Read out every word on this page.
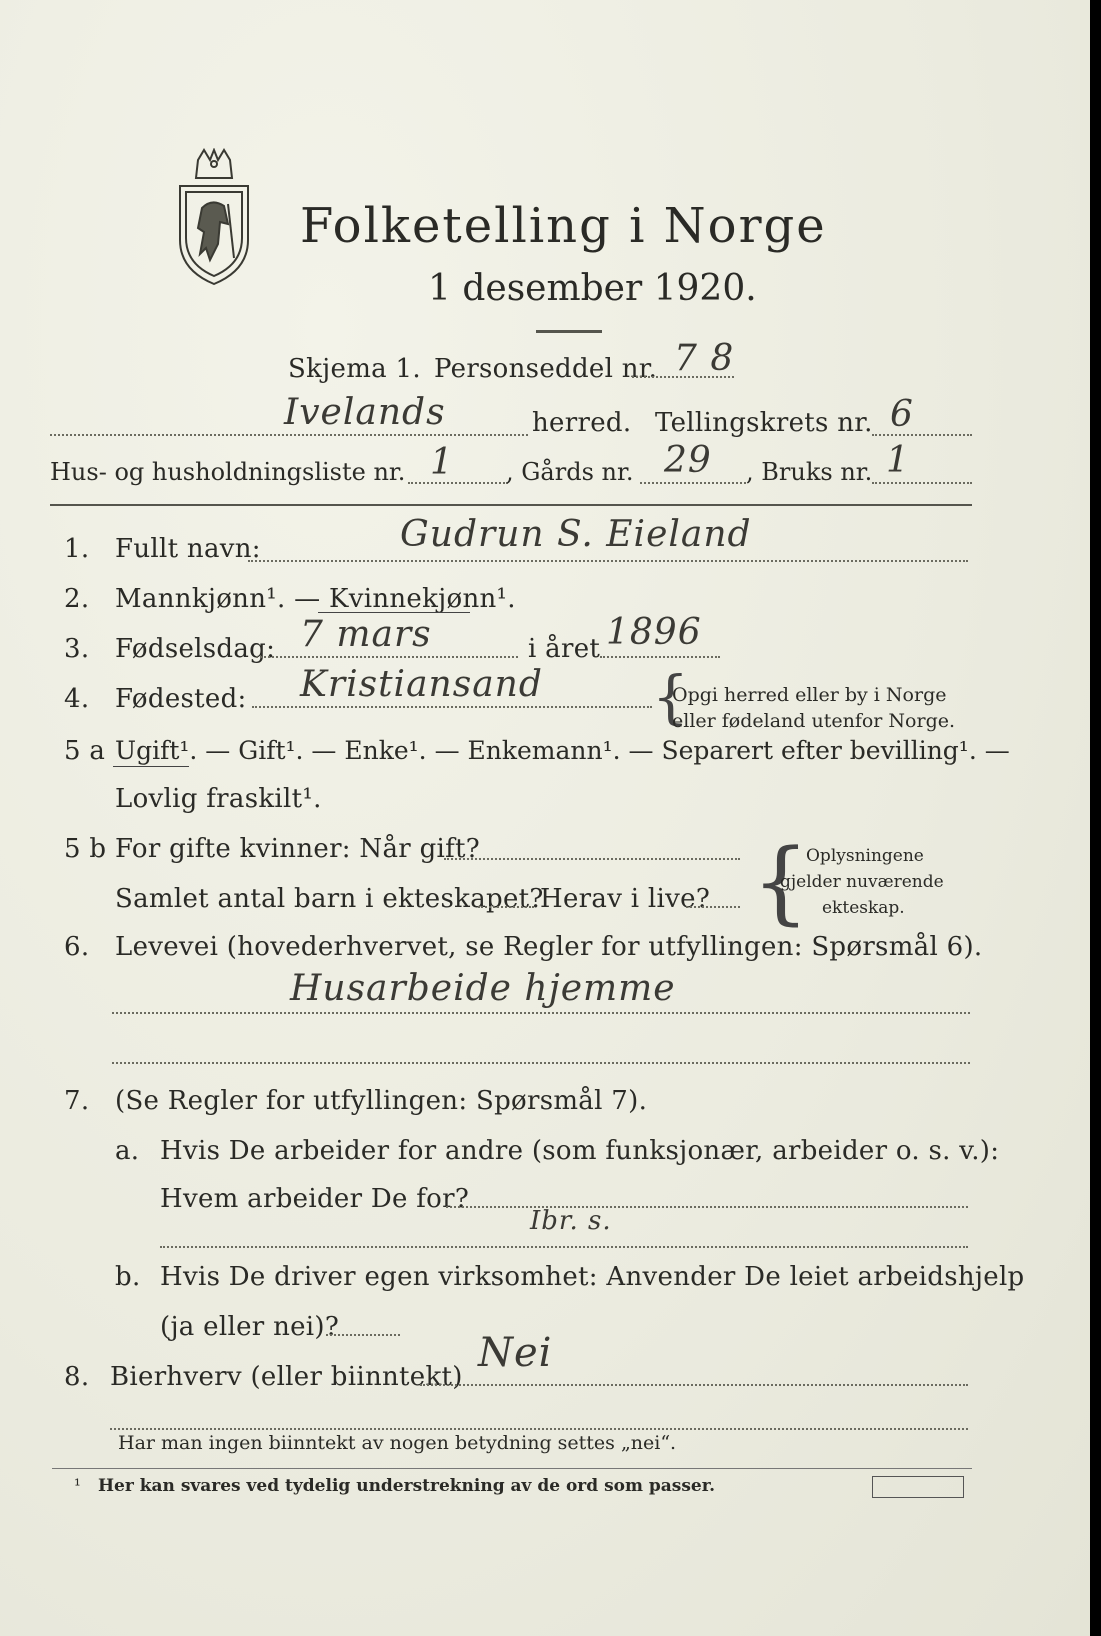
Folketelling i Norge
1 desember 1920.
Skjema 1. Personseddel nr. 7 8
Ivelands	herred. Tellingskrets nr. 6
Hus- og husholdningsliste nr. 1 , Gårds nr. 29 , Bruks nr. 1
1. Fullt navn:	Gudrun S. Eieland
2. Mannkjønn¹. — Kvinnekjønn¹.
3. Fødselsdag: 7 mars	i året 1896
4. Fødested: Kristiansand {
Opgi herred eller by i Norge
eller fødeland utenfor Norge.
5 a Ugift¹. — Gift¹. — Enke¹. — Enkemann¹. — Separert efter bevilling¹. —
Lovlig fraskilt¹.
5 b For gifte kvinner: Når gift?
Samlet antal barn i ekteskapet?
Herav i live? {
Oplysningene
gjelder nuværende
ekteskap.
6. Levevei (hovederhvervet, se Regler for utfyllingen: Spørsmål 6).
Husarbeide hjemme
7. (Se Regler for utfyllingen: Spørsmål 7).
a. Hvis De arbeider for andre (som funksjonær, arbeider o. s. v.):
Hvem arbeider De for?
Ibr. s.
b. Hvis De driver egen virksomhet: Anvender De leiet arbeidshjelp
(ja eller nei)?
8. Bierhverv (eller biinntekt)
Nei
Har man ingen biinntekt av nogen betydning settes „nei“.
¹ Her kan svares ved tydelig understrekning av de ord som passer.
